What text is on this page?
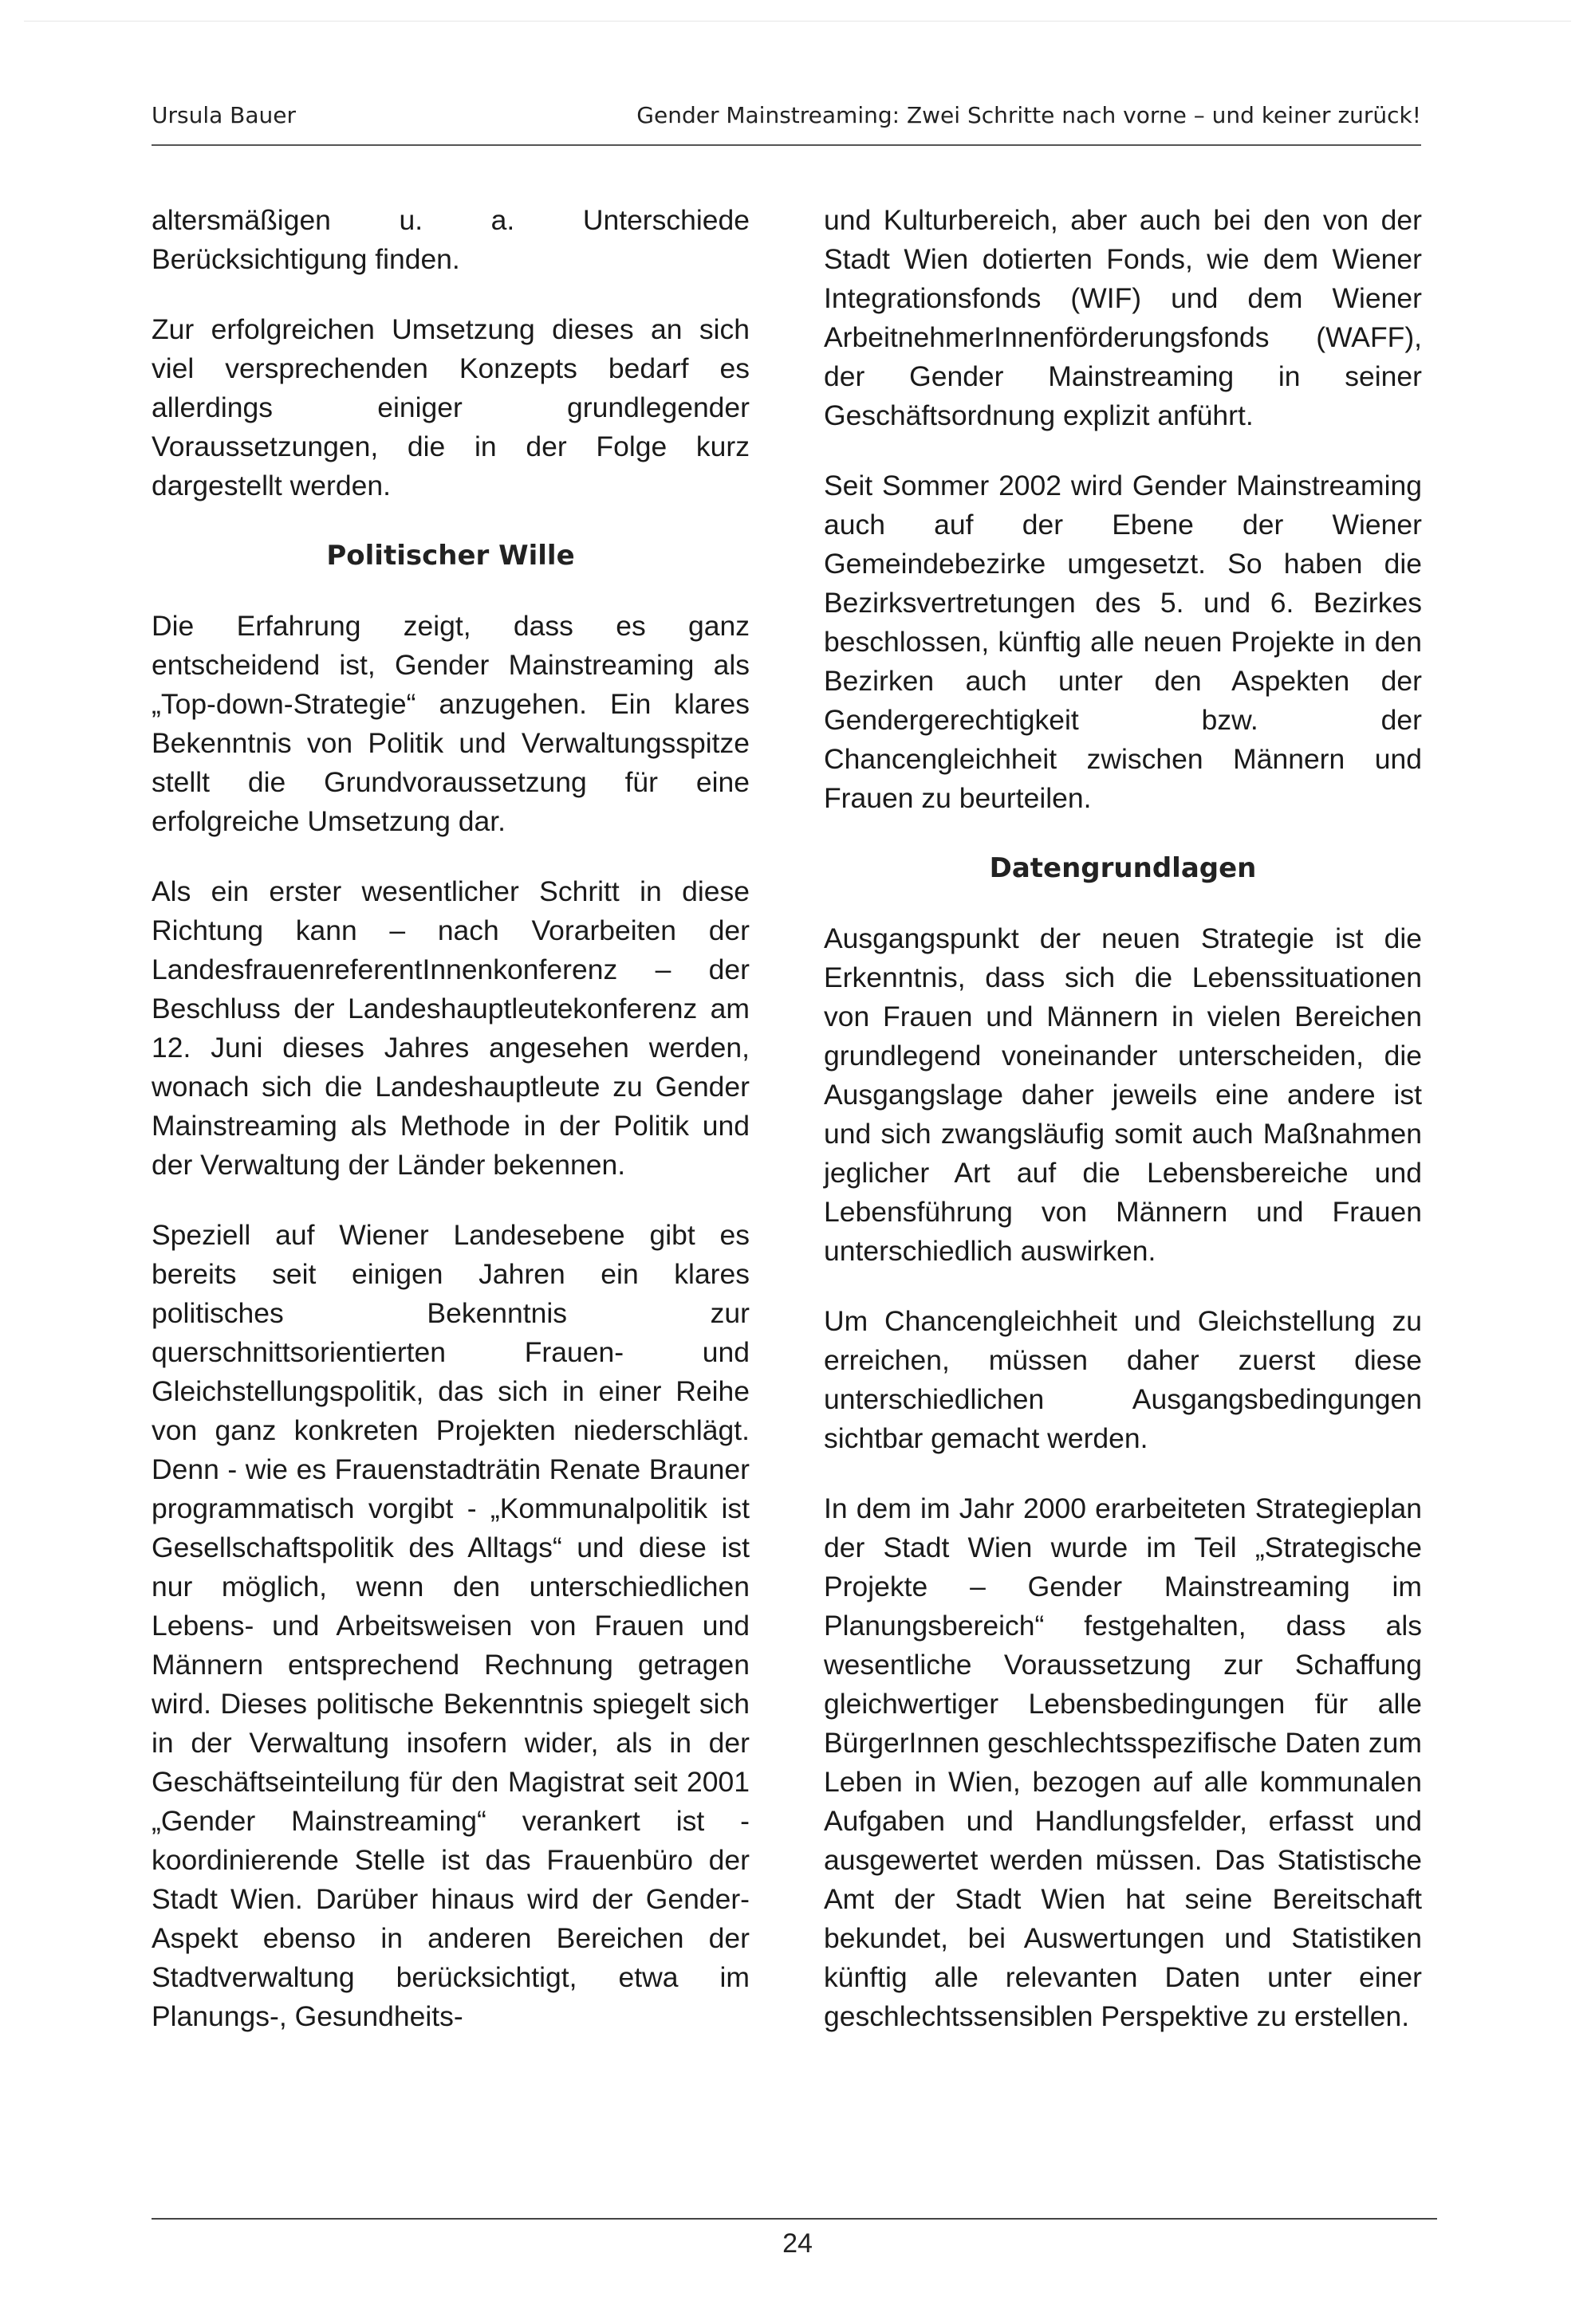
Ursula Bauer	Gender Mainstreaming: Zwei Schritte nach vorne – und keiner zurück!

altersmäßigen u. a. Unterschiede Berücksichtigung finden.

Zur erfolgreichen Umsetzung dieses an sich viel versprechenden Konzepts bedarf es allerdings einiger grundlegender Voraussetzungen, die in der Folge kurz dargestellt werden.

Politischer Wille

Die Erfahrung zeigt, dass es ganz entscheidend ist, Gender Mainstreaming als „Top-down-Strategie“ anzugehen. Ein klares Bekenntnis von Politik und Verwaltungsspitze stellt die Grundvoraussetzung für eine erfolgreiche Umsetzung dar.

Als ein erster wesentlicher Schritt in diese Richtung kann – nach Vorarbeiten der LandesfrauenreferentInnenkonferenz – der Beschluss der Landeshauptleutekonferenz am 12. Juni dieses Jahres angesehen werden, wonach sich die Landeshauptleute zu Gender Mainstreaming als Methode in der Politik und der Verwaltung der Länder bekennen.

Speziell auf Wiener Landesebene gibt es bereits seit einigen Jahren ein klares politisches Bekenntnis zur querschnittsorientierten Frauen- und Gleichstellungspolitik, das sich in einer Reihe von ganz konkreten Projekten niederschlägt. Denn - wie es Frauenstadträtin Renate Brauner programmatisch vorgibt - „Kommunalpolitik ist Gesellschaftspolitik des Alltags“ und diese ist nur möglich, wenn den unterschiedlichen Lebens- und Arbeitsweisen von Frauen und Männern entsprechend Rechnung getragen wird. Dieses politische Bekenntnis spiegelt sich in der Verwaltung insofern wider, als in der Geschäftseinteilung für den Magistrat seit 2001 „Gender Mainstreaming“ verankert ist - koordinierende Stelle ist das Frauenbüro der Stadt Wien. Darüber hinaus wird der Gender-Aspekt ebenso in anderen Bereichen der Stadtverwaltung berücksichtigt, etwa im Planungs-, Gesundheits-

und Kulturbereich, aber auch bei den von der Stadt Wien dotierten Fonds, wie dem Wiener Integrationsfonds (WIF) und dem Wiener ArbeitnehmerInnenförderungsfonds (WAFF), der Gender Mainstreaming in seiner Geschäftsordnung explizit anführt.

Seit Sommer 2002 wird Gender Mainstreaming auch auf der Ebene der Wiener Gemeindebezirke umgesetzt. So haben die Bezirksvertretungen des 5. und 6. Bezirkes beschlossen, künftig alle neuen Projekte in den Bezirken auch unter den Aspekten der Gendergerechtigkeit bzw. der Chancengleichheit zwischen Männern und Frauen zu beurteilen.

Datengrundlagen

Ausgangspunkt der neuen Strategie ist die Erkenntnis, dass sich die Lebenssituationen von Frauen und Männern in vielen Bereichen grundlegend voneinander unterscheiden, die Ausgangslage daher jeweils eine andere ist und sich zwangsläufig somit auch Maßnahmen jeglicher Art auf die Lebensbereiche und Lebensführung von Männern und Frauen unterschiedlich auswirken.

Um Chancengleichheit und Gleichstellung zu erreichen, müssen daher zuerst diese unterschiedlichen Ausgangsbedingungen sichtbar gemacht werden.

In dem im Jahr 2000 erarbeiteten Strategieplan der Stadt Wien wurde im Teil „Strategische Projekte – Gender Mainstreaming im Planungsbereich“ festgehalten, dass als wesentliche Voraussetzung zur Schaffung gleichwertiger Lebensbedingungen für alle BürgerInnen geschlechtsspezifische Daten zum Leben in Wien, bezogen auf alle kommunalen Aufgaben und Handlungsfelder, erfasst und ausgewertet werden müssen. Das Statistische Amt der Stadt Wien hat seine Bereitschaft bekundet, bei Auswertungen und Statistiken künftig alle relevanten Daten unter einer geschlechtssensiblen Perspektive zu erstellen.

24
